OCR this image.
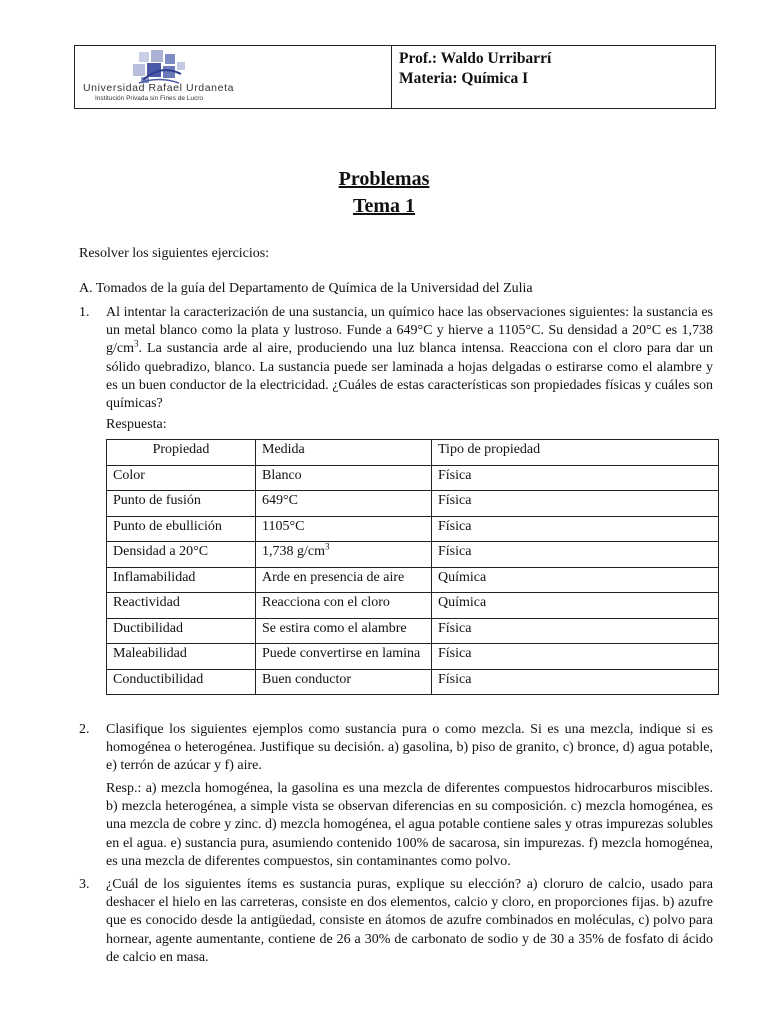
Universidad Rafael Urdaneta
Institución Privada sin Fines de Lucro
Prof.: Waldo Urribarrí
Materia: Química I
Problemas
Tema 1
Resolver los siguientes ejercicios:
A. Tomados de la guía del Departamento de Química de la Universidad del Zulia
1. Al intentar la caracterización de una sustancia, un químico hace las observaciones siguientes: la sustancia es un metal blanco como la plata y lustroso. Funde a 649°C y hierve a 1105°C. Su densidad a 20°C es 1,738 $g/cm^3$. La sustancia arde al aire, produciendo una luz blanca intensa. Reacciona con el cloro para dar un sólido quebradizo, blanco. La sustancia puede ser laminada a hojas delgadas o estirarse como el alambre y es un buen conductor de la electricidad. ¿Cuáles de estas características son propiedades físicas y cuáles son químicas?
Respuesta:
Propiedad	Medida	Tipo de propiedad
Color	Blanco	Física
Punto de fusión	649°C	Física
Punto de ebullición	1105°C	Física
Densidad a 20°C	1,738 $g/cm^3$	Física
Inflamabilidad	Arde en presencia de aire	Química
Reactividad	Reacciona con el cloro	Química
Ductibilidad	Se estira como el alambre	Física
Maleabilidad	Puede convertirse en lamina	Física
Conductibilidad	Buen conductor	Física
2. Clasifique los siguientes ejemplos como sustancia pura o como mezcla. Si es una mezcla, indique si es homogénea o heterogénea. Justifique su decisión. a) gasolina, b) piso de granito, c) bronce, d) agua potable, e) terrón de azúcar y f) aire.
Resp.: a) mezcla homogénea, la gasolina es una mezcla de diferentes compuestos hidrocarburos miscibles. b) mezcla heterogénea, a simple vista se observan diferencias en su composición. c) mezcla homogénea, es una mezcla de cobre y zinc. d) mezcla homogénea, el agua potable contiene sales y otras impurezas solubles en el agua. e) sustancia pura, asumiendo contenido 100% de sacarosa, sin impurezas. f) mezcla homogénea, es una mezcla de diferentes compuestos, sin contaminantes como polvo.
3. ¿Cuál de los siguientes ítems es sustancia puras, explique su elección? a) cloruro de calcio, usado para deshacer el hielo en las carreteras, consiste en dos elementos, calcio y cloro, en proporciones fijas. b) azufre que es conocido desde la antigüedad, consiste en átomos de azufre combinados en moléculas, c) polvo para hornear, agente aumentante, contiene de 26 a 30% de carbonato de sodio y de 30 a 35% de fosfato di ácido de calcio en masa.
